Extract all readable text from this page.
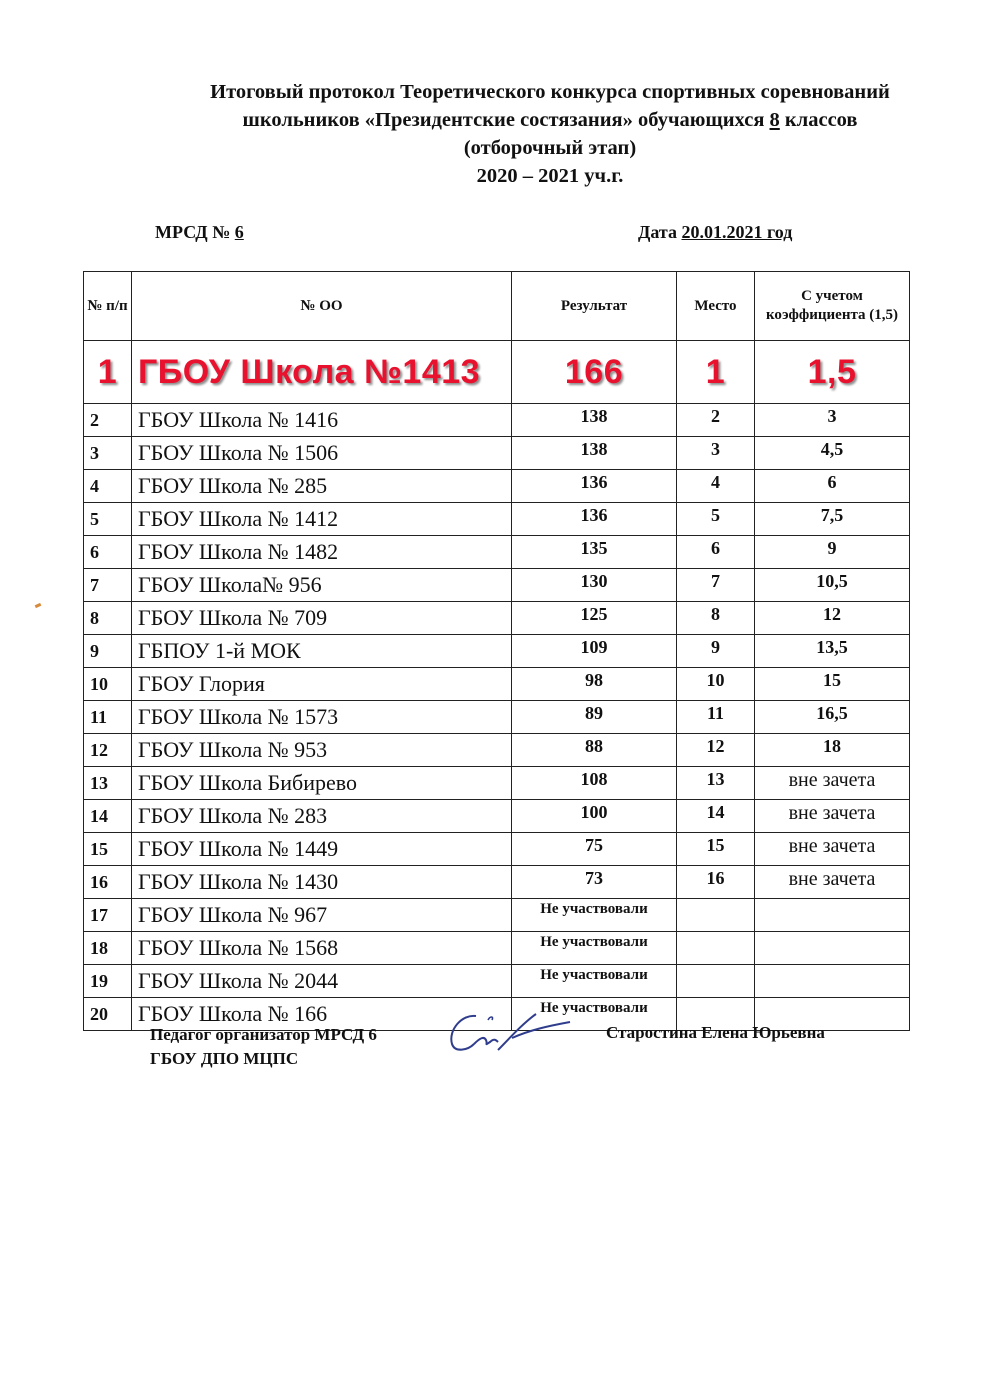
Итоговый протокол Теоретического конкурса спортивных соревнований
школьников «Президентские состязания» обучающихся 8 классов
(отборочный этап)
2020 – 2021 уч.г.
МРСД № 6	Дата 20.01.2021 год
№ п/п	№ ОО	Результат	Место	С учетом коэффициента (1,5)
1	ГБОУ Школа №1413	166	1	1,5
2	ГБОУ Школа № 1416	138	2	3
3	ГБОУ Школа № 1506	138	3	4,5
4	ГБОУ Школа № 285	136	4	6
5	ГБОУ Школа № 1412	136	5	7,5
6	ГБОУ Школа № 1482	135	6	9
7	ГБОУ Школа№ 956	130	7	10,5
8	ГБОУ Школа № 709	125	8	12
9	ГБПОУ 1-й МОК	109	9	13,5
10	ГБОУ Глория	98	10	15
11	ГБОУ Школа № 1573	89	11	16,5
12	ГБОУ Школа № 953	88	12	18
13	ГБОУ Школа Бибирево	108	13	вне зачета
14	ГБОУ Школа № 283	100	14	вне зачета
15	ГБОУ Школа № 1449	75	15	вне зачета
16	ГБОУ Школа № 1430	73	16	вне зачета
17	ГБОУ Школа № 967	Не участвовали		
18	ГБОУ Школа № 1568	Не участвовали		
19	ГБОУ Школа № 2044	Не участвовали		
20	ГБОУ Школа № 166	Не участвовали		
Педагог организатор МРСД 6
ГБОУ ДПО МЦПС
Старостина Елена Юрьевна
